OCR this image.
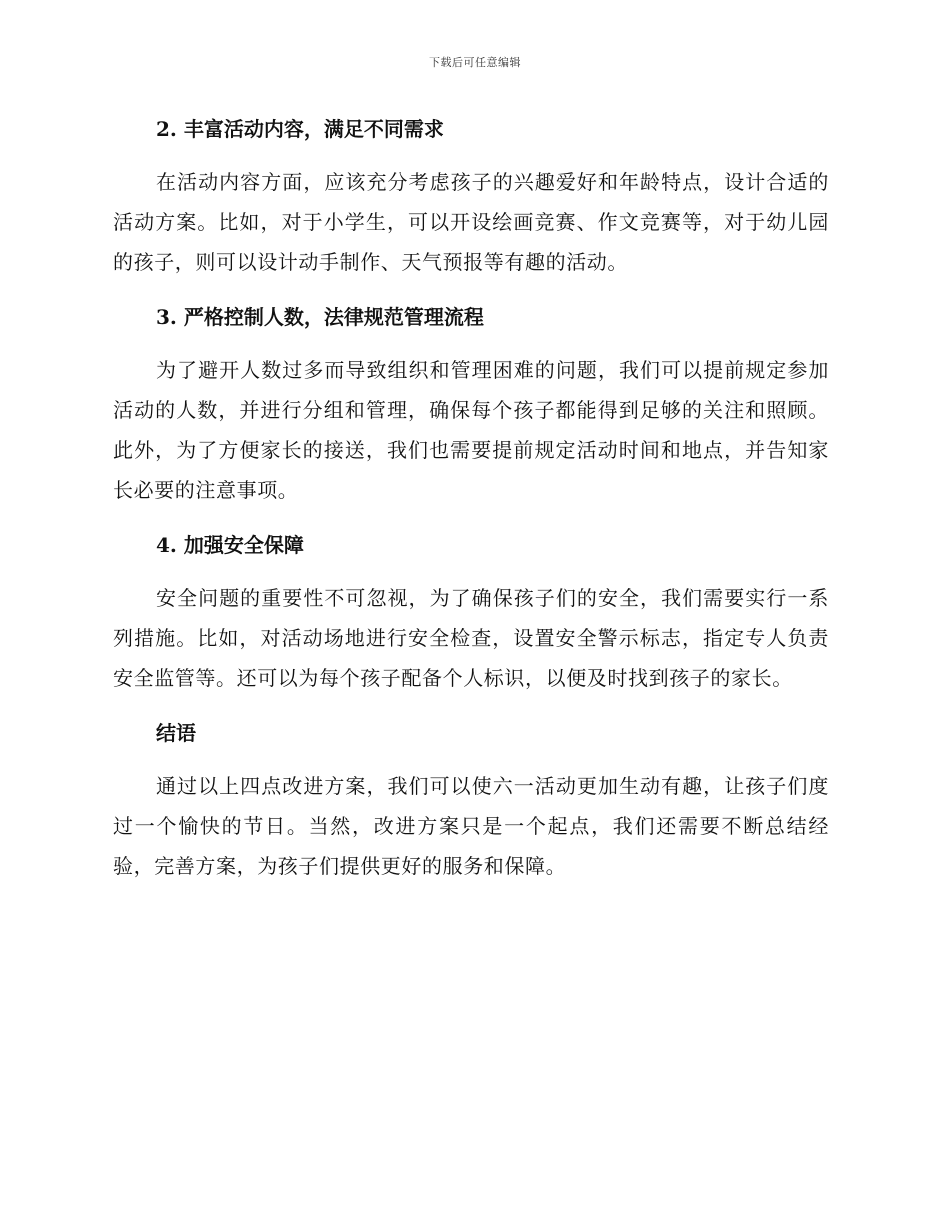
下载后可任意编辑
2. 丰富活动内容，满足不同需求

在活动内容方面，应该充分考虑孩子的兴趣爱好和年龄特点，设计合适的活动方案。比如，对于小学生，可以开设绘画竞赛、作文竞赛等，对于幼儿园的孩子，则可以设计动手制作、天气预报等有趣的活动。

3. 严格控制人数，法律规范管理流程

为了避开人数过多而导致组织和管理困难的问题，我们可以提前规定参加活动的人数，并进行分组和管理，确保每个孩子都能得到足够的关注和照顾。此外，为了方便家长的接送，我们也需要提前规定活动时间和地点，并告知家长必要的注意事项。

4. 加强安全保障

安全问题的重要性不可忽视，为了确保孩子们的安全，我们需要实行一系列措施。比如，对活动场地进行安全检查，设置安全警示标志，指定专人负责安全监管等。还可以为每个孩子配备个人标识，以便及时找到孩子的家长。

结语

通过以上四点改进方案，我们可以使六一活动更加生动有趣，让孩子们度过一个愉快的节日。当然，改进方案只是一个起点，我们还需要不断总结经验，完善方案，为孩子们提供更好的服务和保障。
